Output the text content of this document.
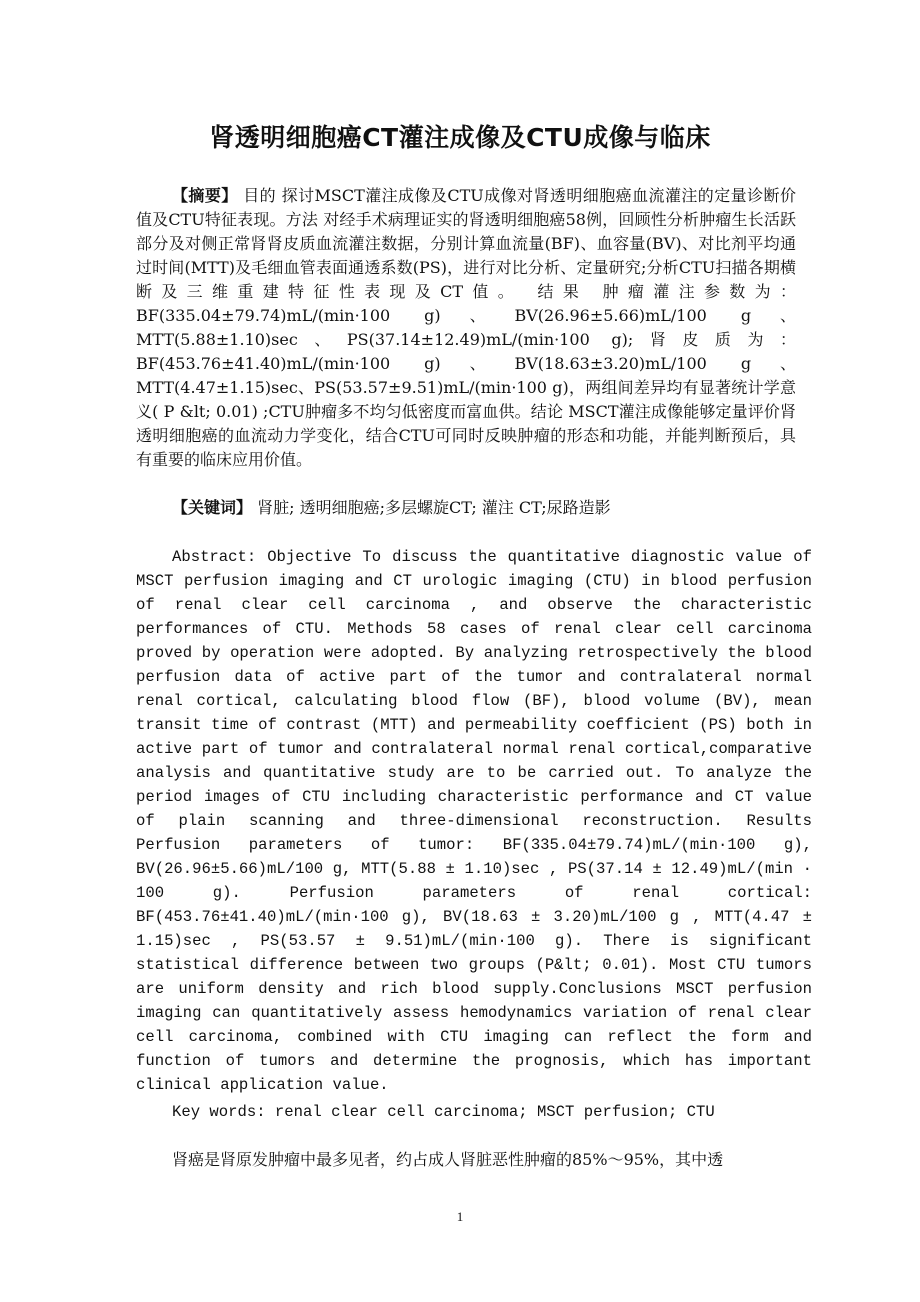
肾透明细胞癌CT灌注成像及CTU成像与临床
【摘要】 目的 探讨MSCT灌注成像及CTU成像对肾透明细胞癌血流灌注的定量诊断价值及CTU特征表现。方法 对经手术病理证实的肾透明细胞癌58例，回顾性分析肿瘤生长活跃部分及对侧正常肾肾皮质血流灌注数据，分别计算血流量(BF)、血容量(BV)、对比剂平均通过时间(MTT)及毛细血管表面通透系数(PS)，进行对比分析、定量研究;分析CTU扫描各期横断及三维重建特征性表现及CT值。 结果 肿瘤灌注参数为：BF(335.04±79.74)mL/(min·100 g)、BV(26.96±5.66)mL/100 g、MTT(5.88±1.10)sec、PS(37.14±12.49)mL/(min·100 g);肾皮质为：BF(453.76±41.40)mL/(min·100 g)、BV(18.63±3.20)mL/100 g、MTT(4.47±1.15)sec、PS(53.57±9.51)mL/(min·100 g)，两组间差异均有显著统计学意义( P &lt; 0.01) ;CTU肿瘤多不均匀低密度而富血供。结论 MSCT灌注成像能够定量评价肾透明细胞癌的血流动力学变化，结合CTU可同时反映肿瘤的形态和功能，并能判断预后，具有重要的临床应用价值。
【关键词】 肾脏; 透明细胞癌;多层螺旋CT; 灌注 CT;尿路造影
Abstract: Objective To discuss the quantitative diagnostic value of MSCT perfusion imaging and CT urologic imaging (CTU) in blood perfusion of renal clear cell carcinoma , and observe the characteristic performances of CTU. Methods 58 cases of renal clear cell carcinoma proved by operation were adopted. By analyzing retrospectively the blood perfusion data of active part of the tumor and contralateral normal renal cortical, calculating blood flow (BF), blood volume (BV), mean transit time of contrast (MTT) and permeability coefficient (PS) both in active part of tumor and contralateral normal renal cortical,comparative analysis and quantitative study are to be carried out. To analyze the period images of CTU including characteristic performance and CT value of plain scanning and three-dimensional reconstruction. Results Perfusion parameters of tumor: BF(335.04±79.74)mL/(min·100 g), BV(26.96±5.66)mL/100 g, MTT(5.88 ± 1.10)sec , PS(37.14 ± 12.49)mL/(min · 100 g). Perfusion parameters of renal cortical: BF(453.76±41.40)mL/(min·100 g), BV(18.63 ± 3.20)mL/100 g , MTT(4.47 ± 1.15)sec , PS(53.57 ± 9.51)mL/(min·100 g). There is significant statistical difference between two groups (P&lt; 0.01). Most CTU tumors are uniform density and rich blood supply.Conclusions MSCT perfusion imaging can quantitatively assess hemodynamics variation of renal clear cell carcinoma, combined with CTU imaging can reflect the form and function of tumors and determine the prognosis, which has important clinical application value.
Key words: renal clear cell carcinoma; MSCT perfusion; CTU
肾癌是肾原发肿瘤中最多见者，约占成人肾脏恶性肿瘤的85%～95%，其中透
1
